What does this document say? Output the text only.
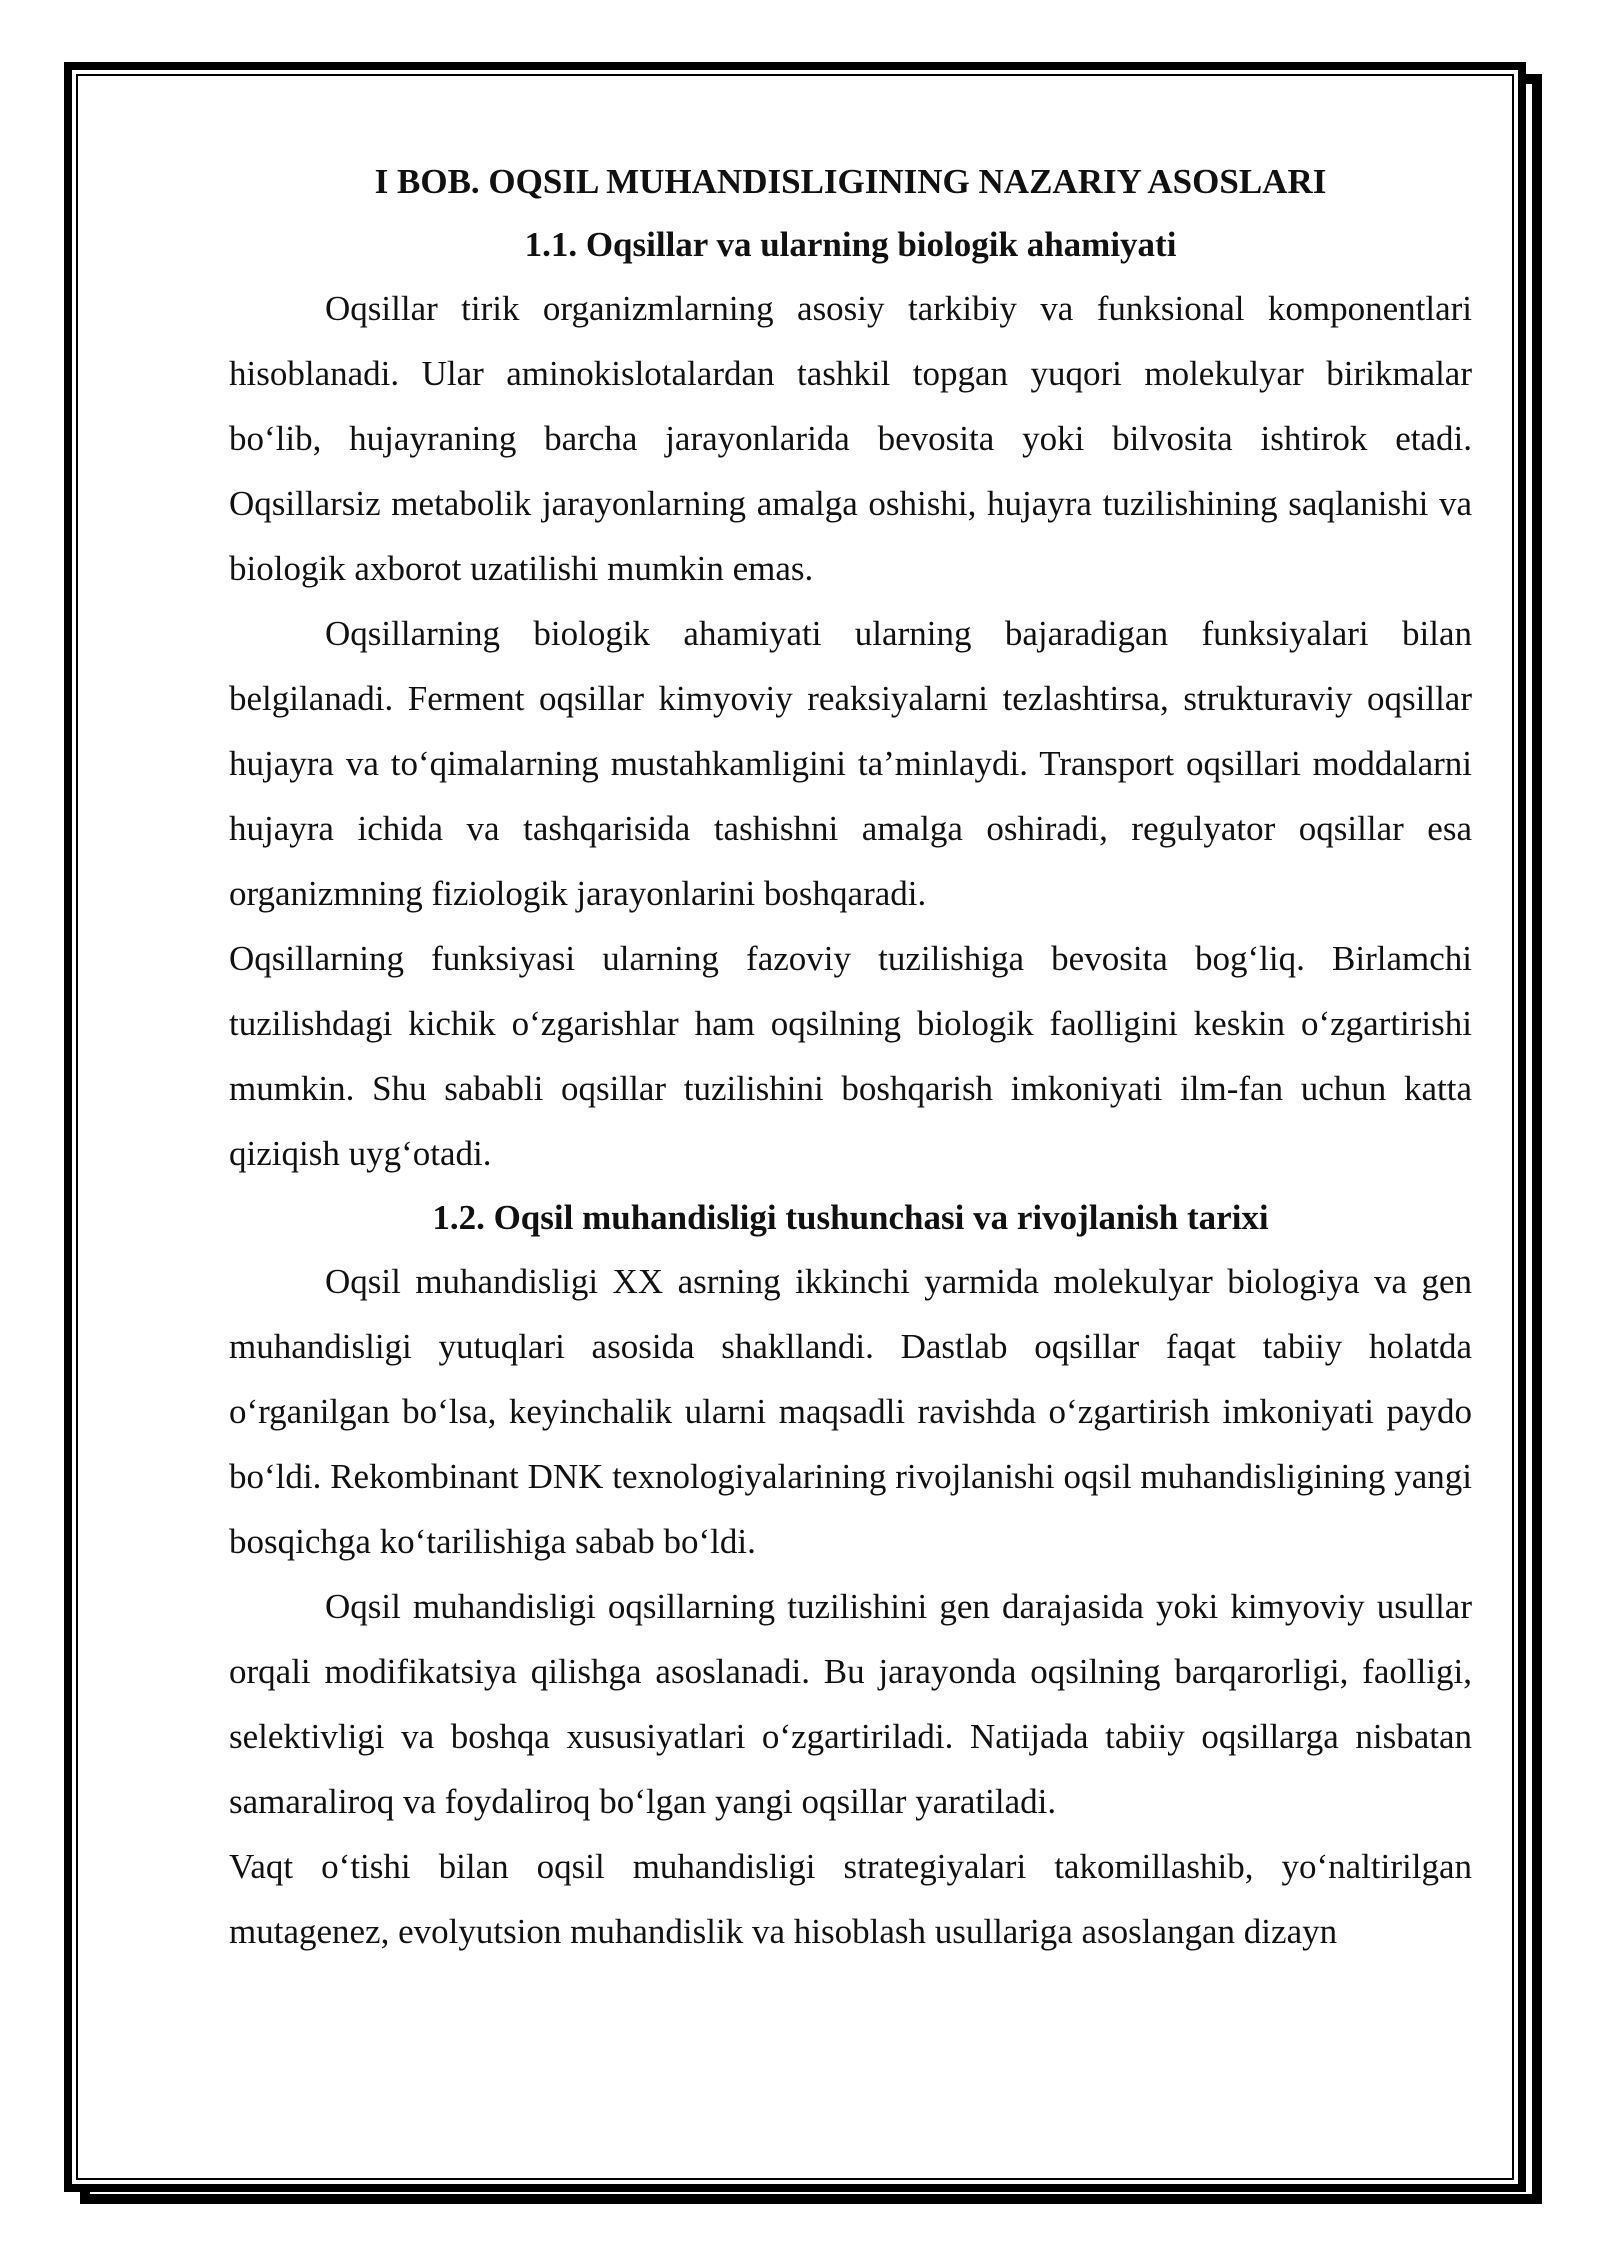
I BOB. OQSIL MUHANDISLIGINING NAZARIY ASOSLARI
1.1. Oqsillar va ularning biologik ahamiyati

Oqsillar tirik organizmlarning asosiy tarkibiy va funksional komponentlari hisoblanadi. Ular aminokislotalardan tashkil topgan yuqori molekulyar birikmalar bo‘lib, hujayraning barcha jarayonlarida bevosita yoki bilvosita ishtirok etadi. Oqsillarsiz metabolik jarayonlarning amalga oshishi, hujayra tuzilishining saqlanishi va biologik axborot uzatilishi mumkin emas.

Oqsillarning biologik ahamiyati ularning bajaradigan funksiyalari bilan belgilanadi. Ferment oqsillar kimyoviy reaksiyalarni tezlashtirsa, strukturaviy oqsillar hujayra va to‘qimalarning mustahkamligini ta’minlaydi. Transport oqsillari moddalarni hujayra ichida va tashqarisida tashishni amalga oshiradi, regulyator oqsillar esa organizmning fiziologik jarayonlarini boshqaradi.

Oqsillarning funksiyasi ularning fazoviy tuzilishiga bevosita bog‘liq. Birlamchi tuzilishdagi kichik o‘zgarishlar ham oqsilning biologik faolligini keskin o‘zgartirishi mumkin. Shu sababli oqsillar tuzilishini boshqarish imkoniyati ilm-fan uchun katta qiziqish uyg‘otadi.

1.2. Oqsil muhandisligi tushunchasi va rivojlanish tarixi

Oqsil muhandisligi XX asrning ikkinchi yarmida molekulyar biologiya va gen muhandisligi yutuqlari asosida shakllandi. Dastlab oqsillar faqat tabiiy holatda o‘rganilgan bo‘lsa, keyinchalik ularni maqsadli ravishda o‘zgartirish imkoniyati paydo bo‘ldi. Rekombinant DNK texnologiyalarining rivojlanishi oqsil muhandisligining yangi bosqichga ko‘tarilishiga sabab bo‘ldi.

Oqsil muhandisligi oqsillarning tuzilishini gen darajasida yoki kimyoviy usullar orqali modifikatsiya qilishga asoslanadi. Bu jarayonda oqsilning barqarorligi, faolligi, selektivligi va boshqa xususiyatlari o‘zgartiriladi. Natijada tabiiy oqsillarga nisbatan samaraliroq va foydaliroq bo‘lgan yangi oqsillar yaratiladi.

Vaqt o‘tishi bilan oqsil muhandisligi strategiyalari takomillashib, yo‘naltirilgan mutagenez, evolyutsion muhandislik va hisoblash usullariga asoslangan dizayn
